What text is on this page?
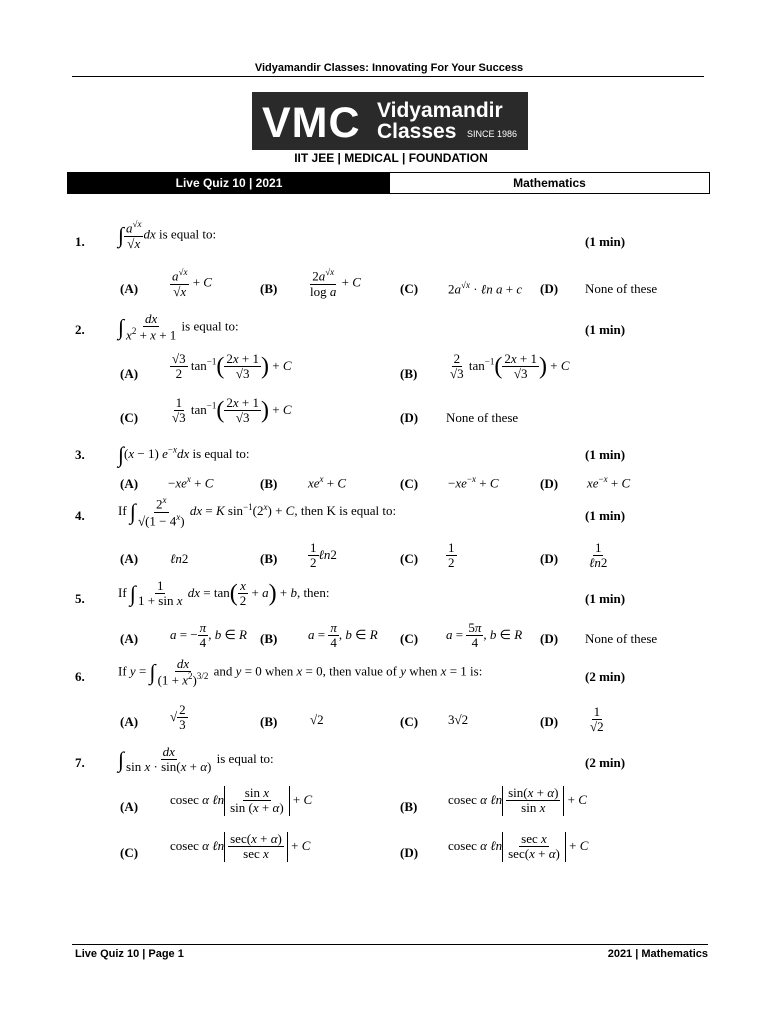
Vidyamandir Classes: Innovating For Your Success
VMC Vidyamandir
Classes SINCE 1986
IIT JEE | MEDICAL | FOUNDATION
Live Quiz 10 | 2021	Mathematics
1. ∫ $\frac{a^{√x}}{√x}$ dx is equal to:
(1 min)
$(A) \frac{a^{√x}}{√x} + C$	$(B) \frac{2a^{√x}}{\text{log a}} + C$	(C) $2a^{√x}$ · ℓn a + c (D) None of these
2. ∫ $\frac{dx}{x^2 + x + 1}$ is equal to:	(1 min)
$(A) \frac{√3}{2} \tan^{-1}( \frac{2x + 1}{√3}$ ) + C
$(B) \frac{2}{√3} \tan^{-1}( \frac{2x + 1}{√3}$ ) + C
$(C) \frac{1}{√3} \tan^{-1}( \frac{2x + 1}{√3}$ ) + C
(D) None of these
3. ∫(x − 1) $e^{-x}dx$ is equal to:	(1 min)
$(A) -xe^x + C$	(B) $xe^x + C$	$(C) -xe^{-x} + C$	(D) $xe^{-x} + C$
4.	If ∫ $\frac{2^x}{√(1 - 4^x)}$ dx = K $\sin^{-1}(2^x) + C$, then K is equal to:	(1 min)
(A) ℓn2	$(B) \frac{1}{2}$ ℓn2	$(C) \frac{1}{2}$	(D)
1
ℓn2
5.	If ∫ $\frac{1}{\text{1 + sin x}}$ dx = $\tan( \frac{x}{2} + a) + b$, then:	(1 min)
(A) a = − $\frac{\pi}{4}$ , b ∈ R (B) $a = \frac{\pi}{4}$ , b ∈ R (C) $a = \frac{5\pi}{4}$ , b ∈ R (D) None of these
6.	If y = ∫ $\frac{dx}{(1 + x^2)^{3/2}}$ and y = 0 when x = 0, then value of y when x = 1 is:	(2 min)
(A) √ $\frac{2}{3}$	(B)	√2	(C) 3√2	$(D) \frac{1}{√2}$
7. ∫ $\frac{dx}{\text{sin x · sin(x + α)}}$ is equal to:	(2 min)
(A) cosec α ℓn $\frac{\text{sin x}}{\sin (x + \alpha)} + C$	(B) cosec α ℓn $\frac{\sin(x + \alpha)}{\text{sin x}} + C$
(C) cosec α ℓn sec(x + α)
sec x
+ C	(D) cosec α ℓn sec x
sec(x + α)
+ C
Live Quiz 10 | Page 1	2021 | Mathematics
